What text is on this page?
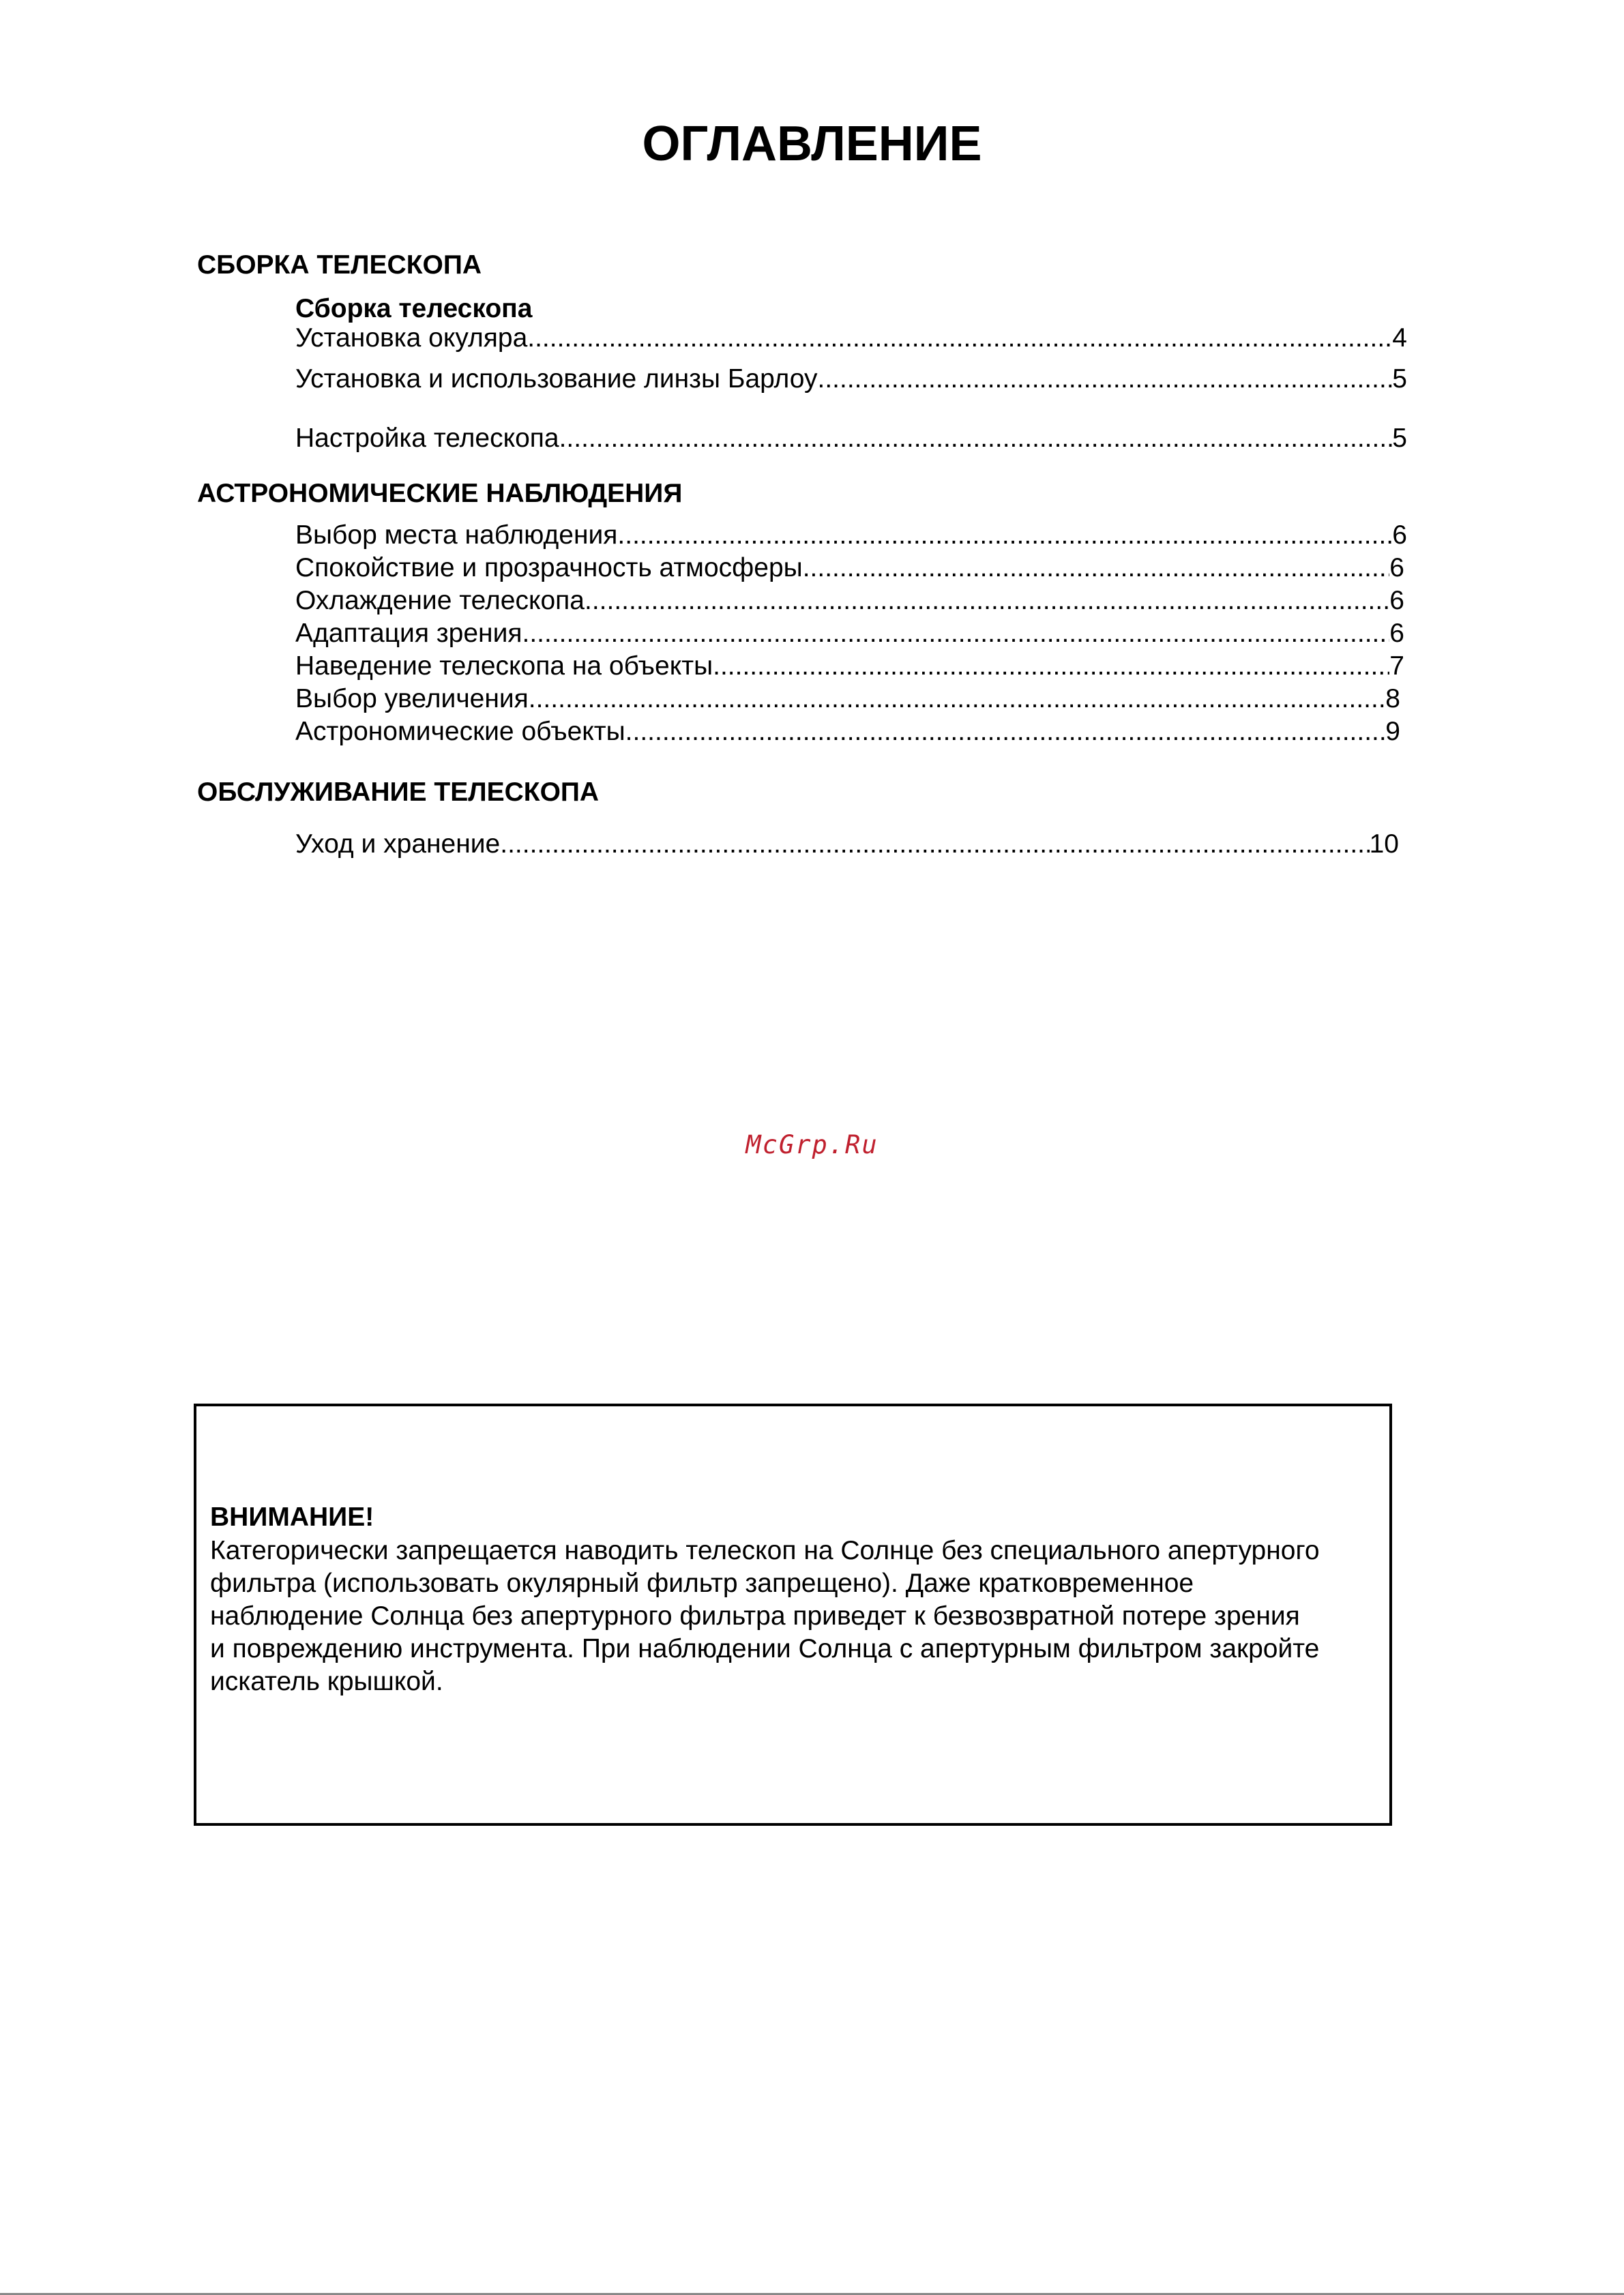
ОГЛАВЛЕНИЕ
СБОРКА ТЕЛЕСКОПА
Сборка телескопа
Установка окуляра .....	4
Установка и использование линзы Барлоу .....	5
Настройка телескопа .....	5
АСТРОНОМИЧЕСКИЕ НАБЛЮДЕНИЯ
Выбор места наблюдения .....	6
Спокойствие и прозрачность атмосферы .....	6
Охлаждение телескопа .....	6
Адаптация зрения .....	6
Наведение телескопа на объекты .....	7
Выбор увеличения .....	8
Астрономические объекты .....	9
ОБСЛУЖИВАНИЕ ТЕЛЕСКОПА
Уход и хранение .....	10
McGrp.Ru
ВНИМАНИЕ!

Категорически запрещается наводить телескоп на Солнце без специального апертурного
фильтра (использовать окулярный фильтр запрещено). Даже кратковременное
наблюдение Солнца без апертурного фильтра приведет к безвозвратной потере зрения
и повреждению инструмента. При наблюдении Солнца с апертурным фильтром закройте
искатель крышкой.
